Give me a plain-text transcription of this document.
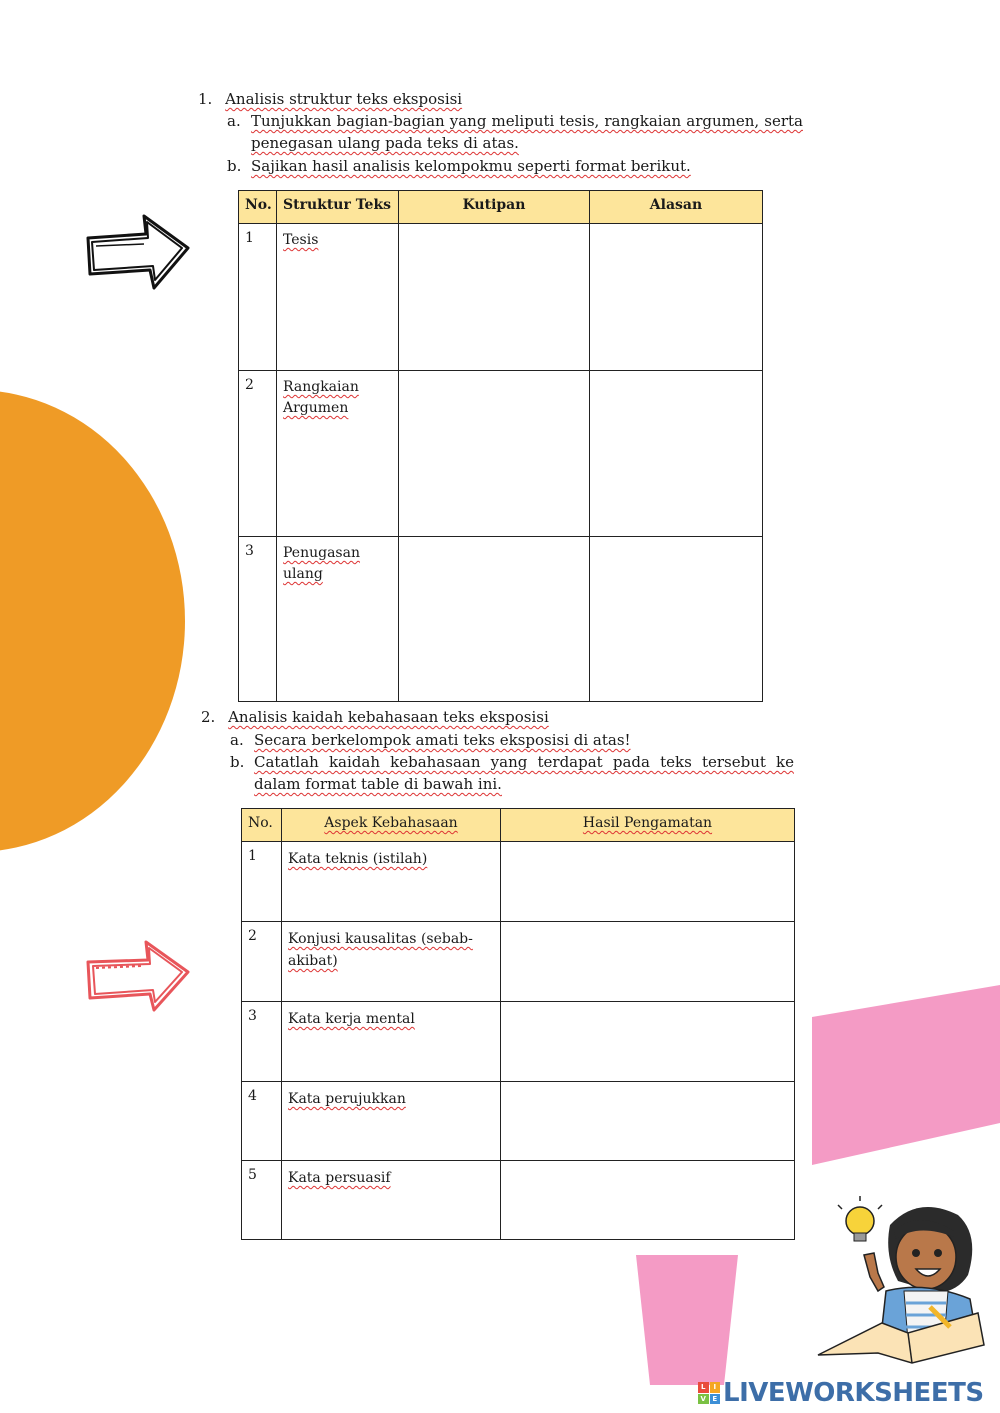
1. Analisis struktur teks eksposisi
a. Tunjukkan bagian-bagian yang meliputi tesis, rangkaian argumen, serta penegasan ulang pada teks di atas.
b. Sajikan hasil analisis kelompokmu seperti format berikut.
No.	Struktur Teks	Kutipan	Alasan
1	Tesis		
2	Rangkaian Argumen		
3	Penugasan ulang		
2. Analisis kaidah kebahasaan teks eksposisi
a. Secara berkelompok amati teks eksposisi di atas!
b. Catatlah kaidah kebahasaan yang terdapat pada teks tersebut ke dalam format table di bawah ini.
No.	Aspek Kebahasaan	Hasil Pengamatan
1	Kata teknis (istilah)	
2	Konjusi kausalitas (sebab-akibat)	
3	Kata kerja mental	
4	Kata perujukkan	
5	Kata persuasif	
L	I
V E LIVEWORKSHEETS
